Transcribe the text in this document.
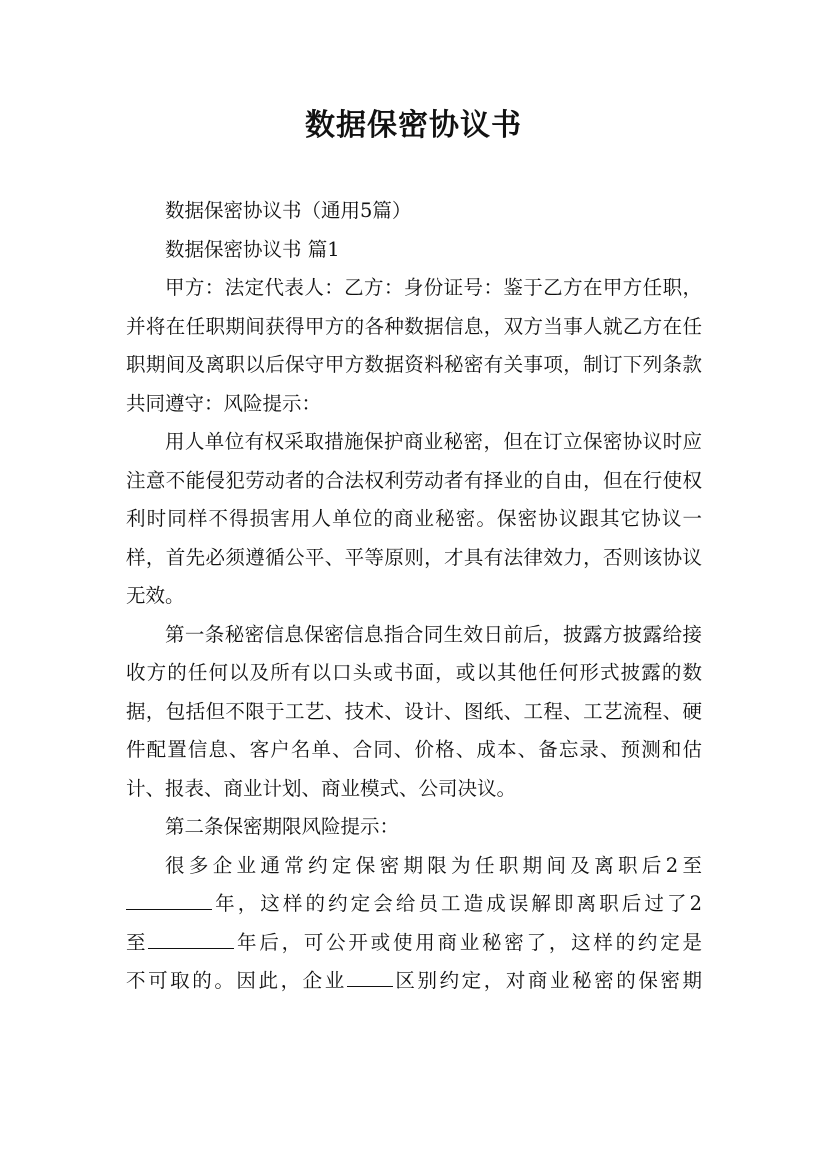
数据保密协议书

数据保密协议书（通用5篇）

数据保密协议书 篇1

甲方：法定代表人：乙方：身份证号：鉴于乙方在甲方任职，并将在任职期间获得甲方的各种数据信息，双方当事人就乙方在任职期间及离职以后保守甲方数据资料秘密有关事项，制订下列条款共同遵守：风险提示：

用人单位有权采取措施保护商业秘密，但在订立保密协议时应注意不能侵犯劳动者的合法权利劳动者有择业的自由，但在行使权利时同样不得损害用人单位的商业秘密。保密协议跟其它协议一样，首先必须遵循公平、平等原则，才具有法律效力，否则该协议无效。

第一条秘密信息保密信息指合同生效日前后，披露方披露给接收方的任何以及所有以口头或书面，或以其他任何形式披露的数据，包括但不限于工艺、技术、设计、图纸、工程、工艺流程、硬件配置信息、客户名单、合同、价格、成本、备忘录、预测和估计、报表、商业计划、商业模式、公司决议。

第二条保密期限风险提示：

很多企业通常约定保密期限为任职期间及离职后2至

年，这样的约定会给员工造成误解即离职后过了2

至	年后，可公开或使用商业秘密了，这样的约定是

不可取的。因此，企业 区别约定，对商业秘密的保密期
